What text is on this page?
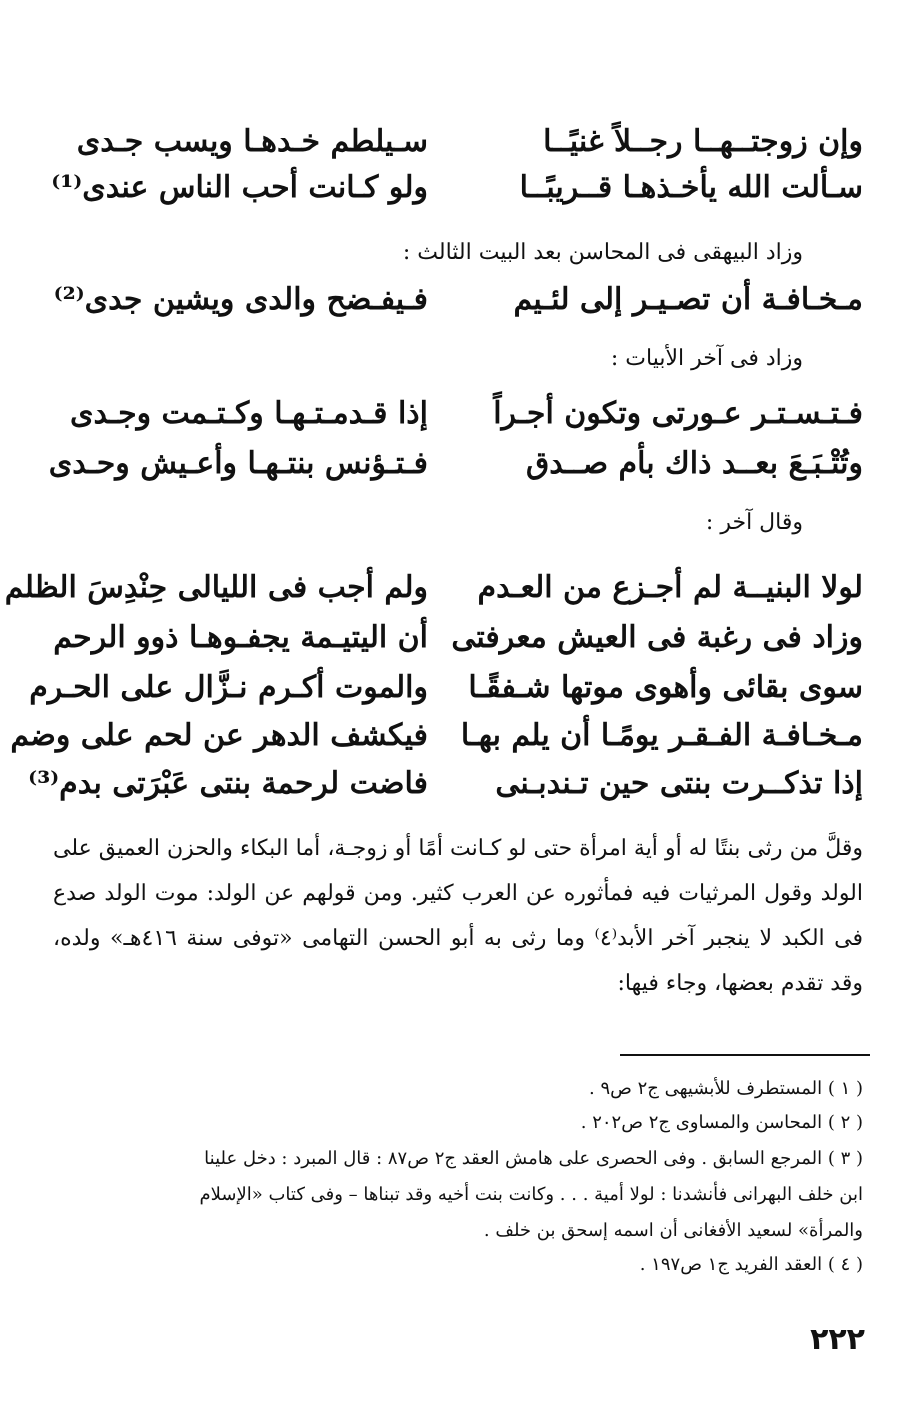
وإن زوجتــهــا رجــلاً غنيًــا
سـيلطم خـدهـا ويسب جـدى
سـألت الله يأخـذهـا قــريبًــا
ولو كـانت أحب الناس عندى⁽¹⁾
وزاد البيهقى فى المحاسن بعد البيت الثالث :
مـخـافـة أن تصـيـر إلى لئـيم
فـيفـضح والدى ويشين جدى⁽²⁾
وزاد فى آخر الأبيات :
فـتـسـتـر عـورتى وتكون أجـراً
إذا قـدمـتـهـا وكـتـمت وجـدى
وتُتْـبَـعَ بعــد ذاك بأم صــدق
فـتـؤنس بنتـهـا وأعـيش وحـدى
وقال آخر :
لولا البنيــة لم أجـزع من العـدم
ولم أجب فى الليالى حِنْدِسَ الظلم
وزاد فى رغبة فى العيش معرفتى
أن اليتيـمة يجفـوهـا ذوو الرحم
سوى بقائى وأهوى موتها شـفقًـا
والموت أكـرم نـزَّال على الحـرم
مـخـافـة الفـقـر يومًـا أن يلم بهـا
فيكشف الدهر عن لحم على وضم
إذا تذكــرت بنتى حين تـندبـنى
فاضت لرحمة بنتى عَبْرَتى بدم⁽³⁾
وقلَّ من رثى بنتًا له أو أية امرأة حتى لو كـانت أمًا أو زوجـة، أما البكاء والحزن العميق على الولد وقول المرثيات فيه فمأثوره عن العرب كثير. ومن قولهم عن الولد: موت الولد صدع فى الكبد لا ينجبر آخر الأبد⁽٤⁾ وما رثى به أبو الحسن التهامى «توفى سنة ٤١٦هـ» ولده، وقد تقدم بعضها، وجاء فيها:
( ١ ) المستطرف للأبشيهى ج٢ ص٩ .
( ٢ ) المحاسن والمساوى ج٢ ص٢٠٢ .
( ٣ ) المرجع السابق . وفى الحصرى على هامش العقد ج٢ ص٨٧ : قال المبرد : دخل علينا
ابن خلف البهرانى فأنشدنا : لولا أمية . . . وكانت بنت أخيه وقد تبناها – وفى كتاب «الإسلام
والمرأة» لسعيد الأفغانى أن اسمه إسحق بن خلف .
( ٤ ) العقد الفريد ج١ ص١٩٧ .
٢٢٢
